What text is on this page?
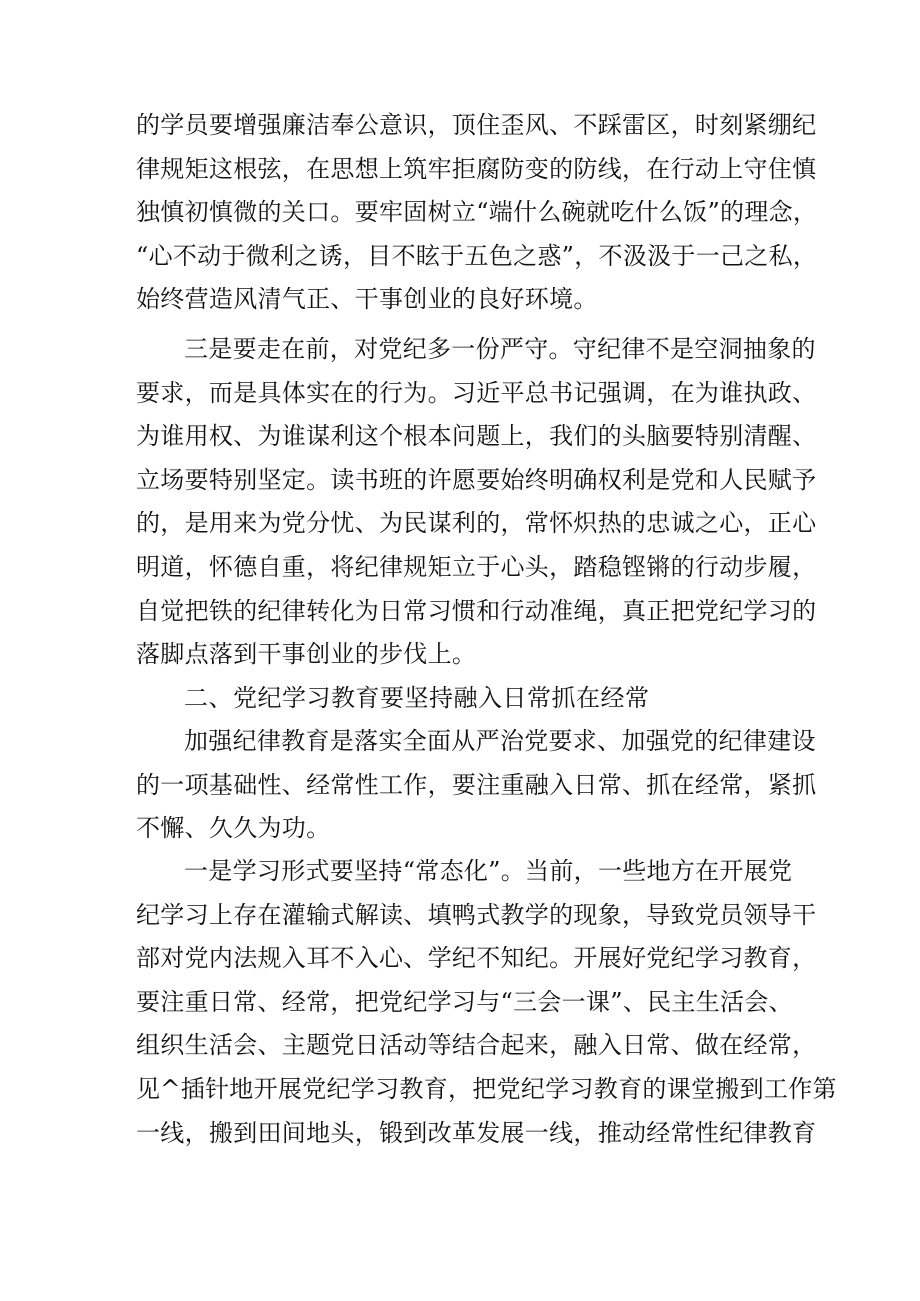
的学员要增强廉洁奉公意识，顶住歪风、不踩雷区，时刻紧绷纪
律规矩这根弦，在思想上筑牢拒腐防变的防线，在行动上守住慎
独慎初慎微的关口。要牢固树立“端什么碗就吃什么饭”的理念，
“心不动于微利之诱，目不眩于五色之惑”，不汲汲于一己之私，
始终营造风清气正、干事创业的良好环境。
三是要走在前，对党纪多一份严守。守纪律不是空洞抽象的
要求，而是具体实在的行为。习近平总书记强调，在为谁执政、
为谁用权、为谁谋利这个根本问题上，我们的头脑要特别清醒、
立场要特别坚定。读书班的许愿要始终明确权利是党和人民赋予
的，是用来为党分忧、为民谋利的，常怀炽热的忠诚之心，正心
明道，怀德自重，将纪律规矩立于心头，踏稳铿锵的行动步履，
自觉把铁的纪律转化为日常习惯和行动准绳，真正把党纪学习的
落脚点落到干事创业的步伐上。
二、党纪学习教育要坚持融入日常抓在经常
加强纪律教育是落实全面从严治党要求、加强党的纪律建设
的一项基础性、经常性工作，要注重融入日常、抓在经常，紧抓
不懈、久久为功。
一是学习形式要坚持“常态化”。当前，一些地方在开展党
纪学习上存在灌输式解读、填鸭式教学的现象，导致党员领导干
部对党内法规入耳不入心、学纪不知纪。开展好党纪学习教育，
要注重日常、经常，把党纪学习与“三会一课”、民主生活会、
组织生活会、主题党日活动等结合起来，融入日常、做在经常，
见^插针地开展党纪学习教育，把党纪学习教育的课堂搬到工作第
一线，搬到田间地头，锻到改革发展一线，推动经常性纪律教育
